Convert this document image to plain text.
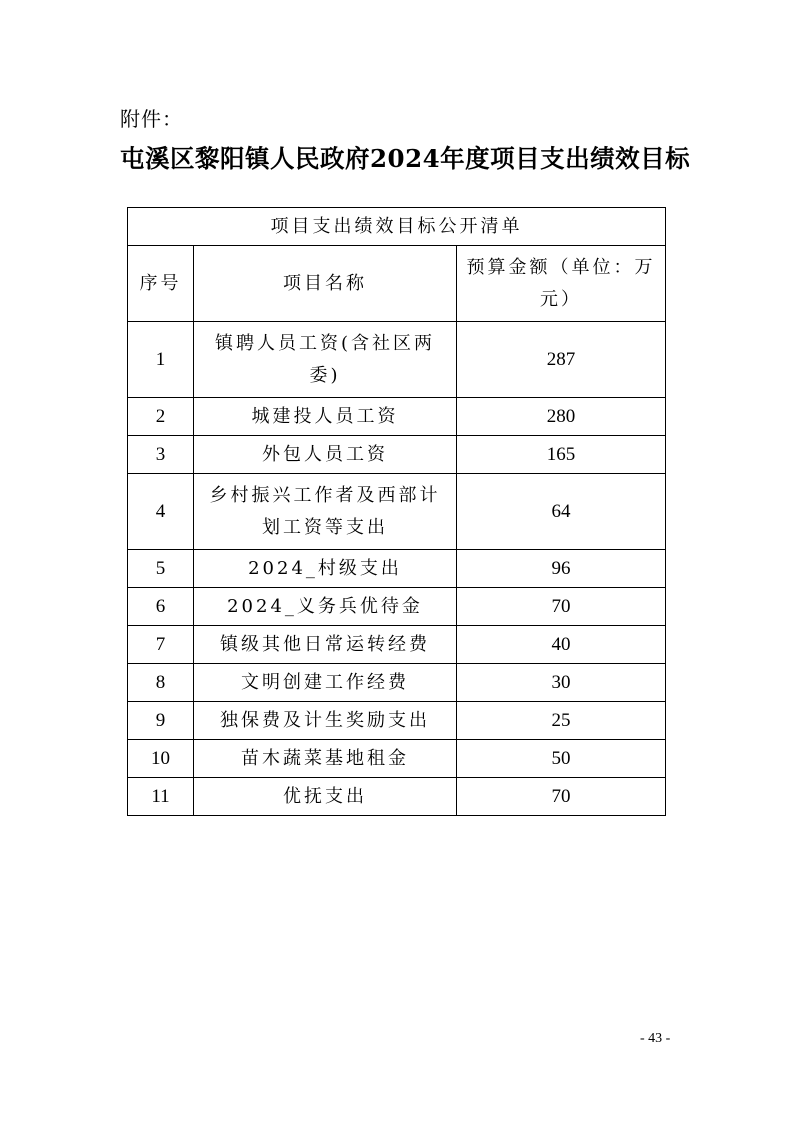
附件：
屯溪区黎阳镇人民政府2024年度项目支出绩效目标
项目支出绩效目标公开清单		
序号	项目名称	预算金额（单位：万元）
1	镇聘人员工资(含社区两委)	287
2	城建投人员工资	280
3	外包人员工资	165
4	乡村振兴工作者及西部计划工资等支出	64
5	2024_村级支出	96
6	2024_义务兵优待金	70
7	镇级其他日常运转经费	40
8	文明创建工作经费	30
9	独保费及计生奖励支出	25
10	苗木蔬菜基地租金	50
11	优抚支出	70
- 43 -
